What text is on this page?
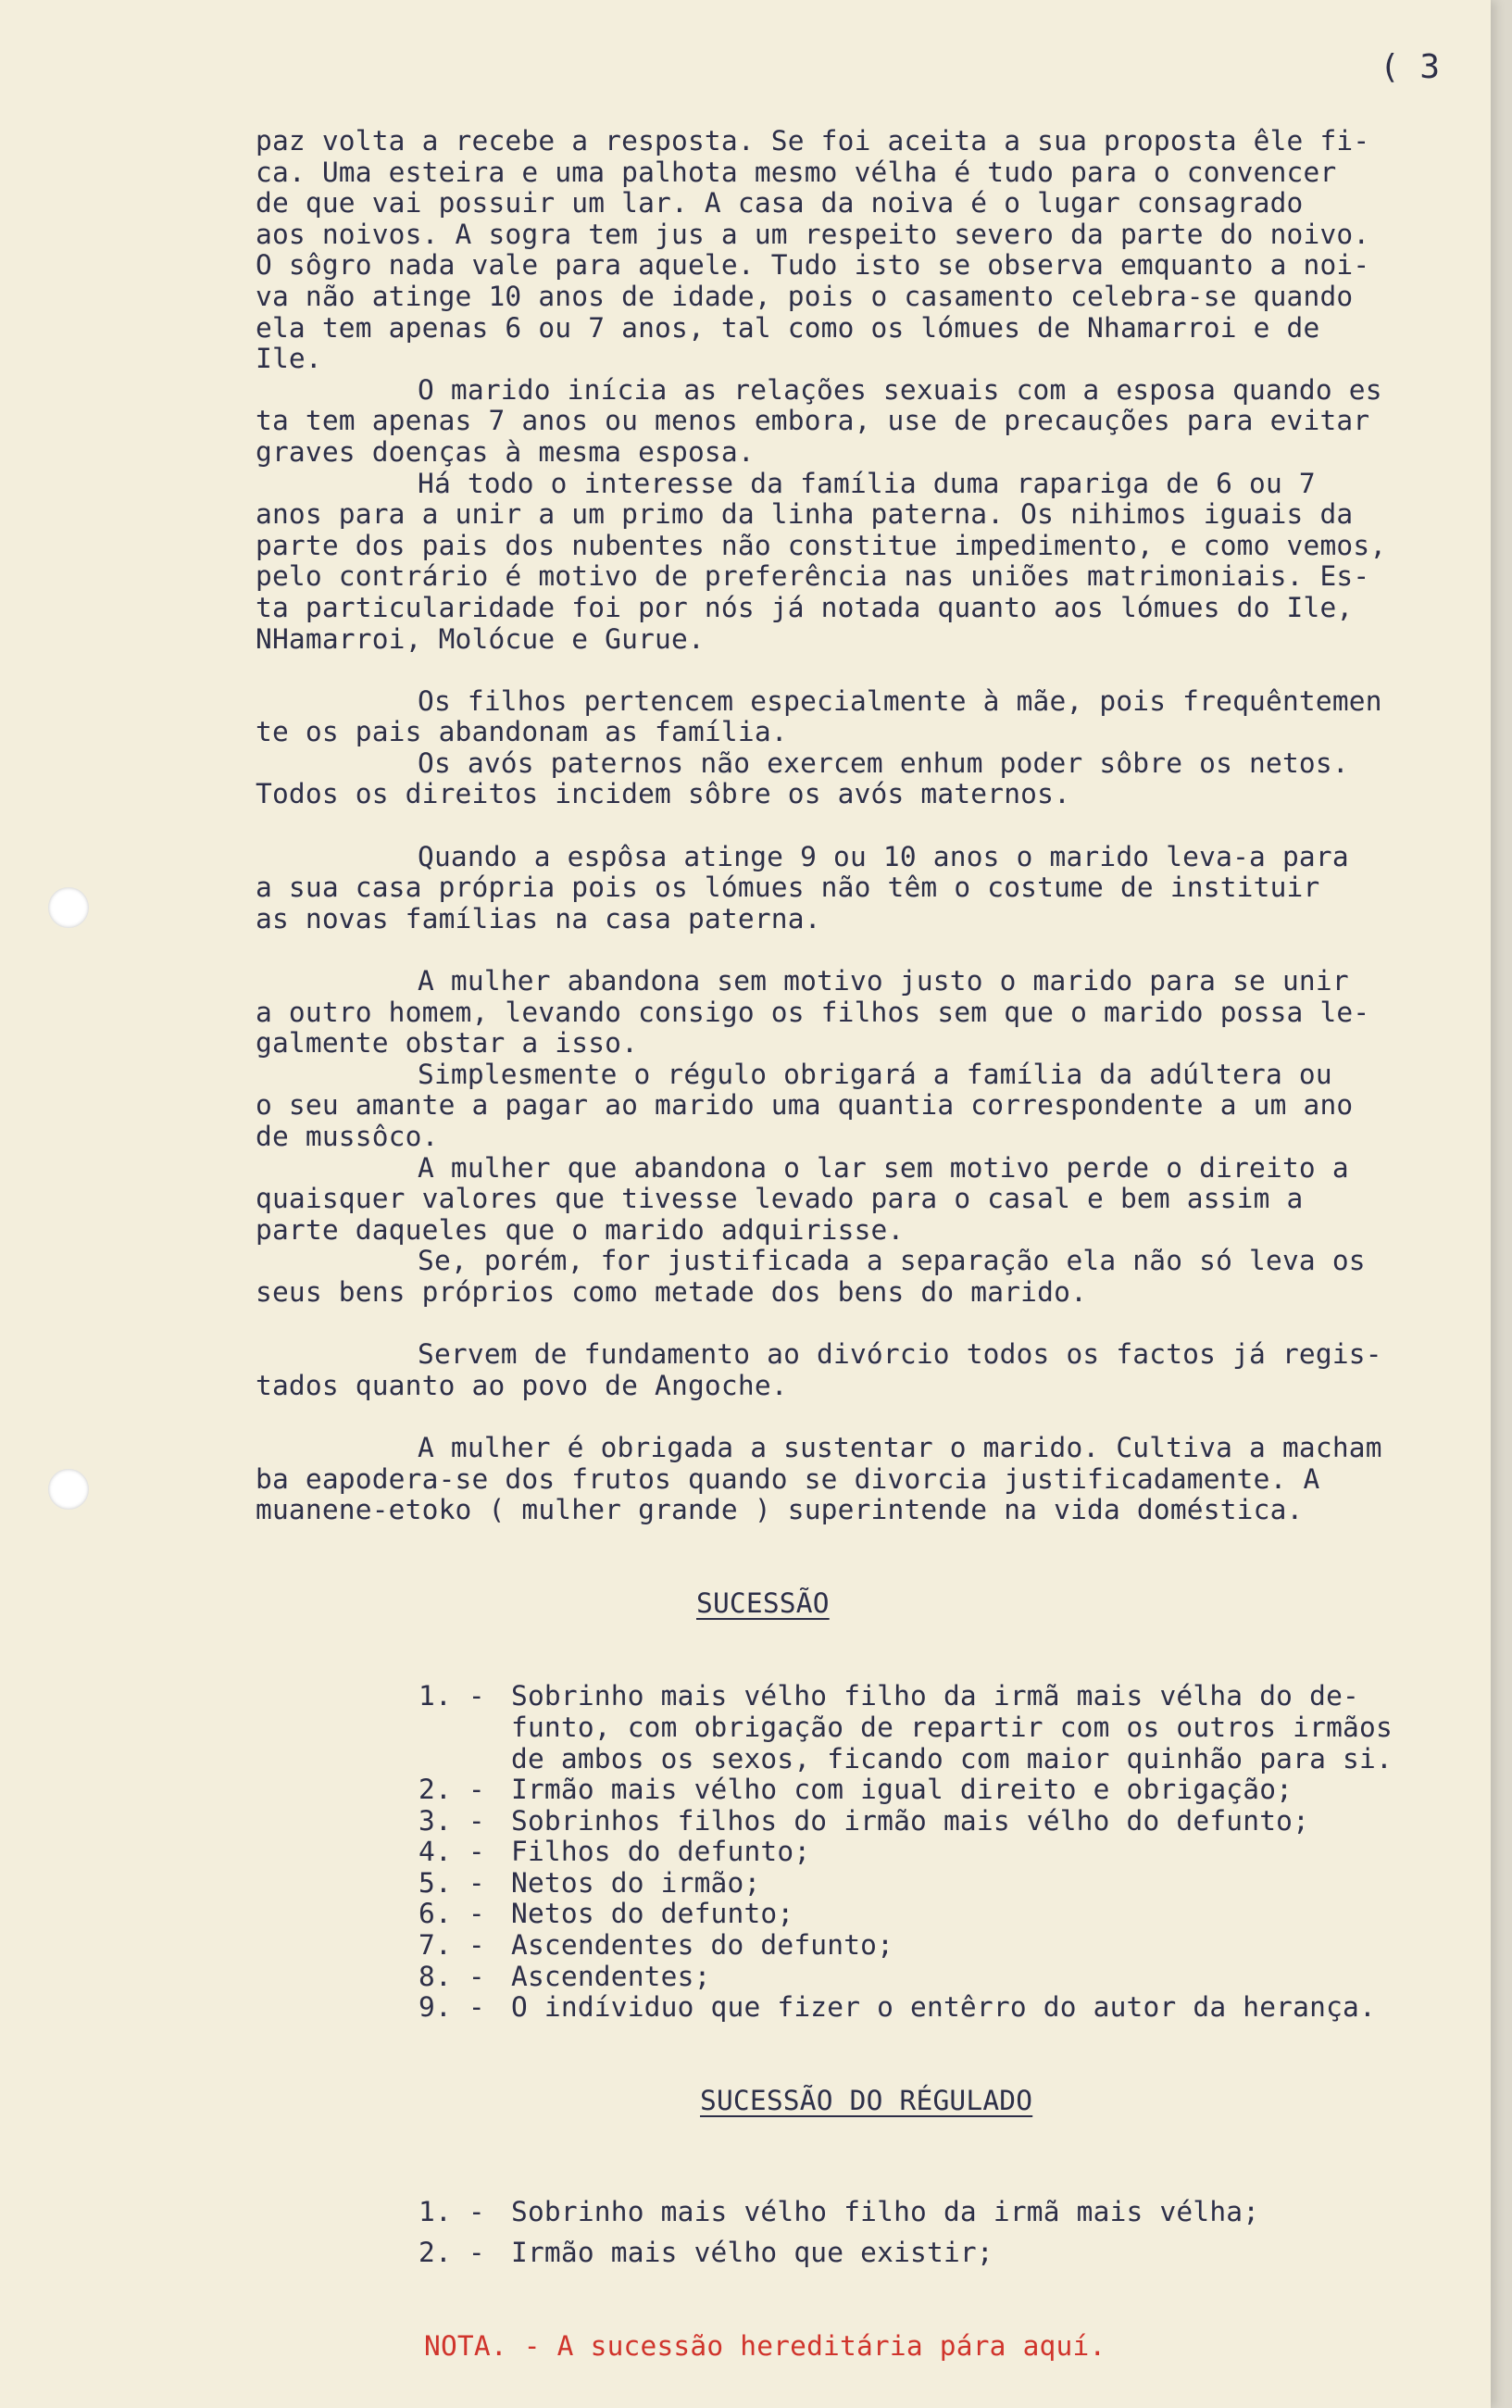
( 3
paz volta a recebe a resposta. Se foi aceita a sua proposta êle fi-
ca. Uma esteira e uma palhota mesmo vélha é tudo para o convencer
de que vai possuir um lar. A casa da noiva é o lugar consagrado
aos noivos. A sogra tem jus a um respeito severo da parte do noivo.
O sôgro nada vale para aquele. Tudo isto se observa emquanto a noi-
va não atinge 10 anos de idade, pois o casamento celebra-se quando
ela tem apenas 6 ou 7 anos, tal como os lómues de Nhamarroi e de
Ile.
O marido inícia as relações sexuais com a esposa quando es
ta tem apenas 7 anos ou menos embora, use de precauções para evitar
graves doenças à mesma esposa.
Há todo o interesse da família duma rapariga de 6 ou 7
anos para a unir a um primo da linha paterna. Os nihimos iguais da
parte dos pais dos nubentes não constitue impedimento, e como vemos,
pelo contrário é motivo de preferência nas uniões matrimoniais. Es-
ta particularidade foi por nós já notada quanto aos lómues do Ile,
NHamarroi, Molócue e Gurue.
Os filhos pertencem especialmente à mãe, pois frequêntemen
te os pais abandonam as família.
Os avós paternos não exercem enhum poder sôbre os netos.
Todos os direitos incidem sôbre os avós maternos.
Quando a espôsa atinge 9 ou 10 anos o marido leva-a para
a sua casa própria pois os lómues não têm o costume de instituir
as novas famílias na casa paterna.
A mulher abandona sem motivo justo o marido para se unir
a outro homem, levando consigo os filhos sem que o marido possa le-
galmente obstar a isso.
Simplesmente o régulo obrigará a família da adúltera ou
o seu amante a pagar ao marido uma quantia correspondente a um ano
de mussôco.
A mulher que abandona o lar sem motivo perde o direito a
quaisquer valores que tivesse levado para o casal e bem assim a
parte daqueles que o marido adquirisse.
Se, porém, for justificada a separação ela não só leva os
seus bens próprios como metade dos bens do marido.
Servem de fundamento ao divórcio todos os factos já regis-
tados quanto ao povo de Angoche.
A mulher é obrigada a sustentar o marido. Cultiva a macham
ba eapodera-se dos frutos quando se divorcia justificadamente. A
muanene-etoko ( mulher grande ) superintende na vida doméstica.
SUCESSÃO
1. - Sobrinho mais vélho filho da irmã mais vélha do de-
funto, com obrigação de repartir com os outros irmãos
de ambos os sexos, ficando com maior quinhão para si.
2. - Irmão mais vélho com igual direito e obrigação;
3. - Sobrinhos filhos do irmão mais vélho do defunto;
4. - Filhos do defunto;
5. - Netos do irmão;
6. - Netos do defunto;
7. - Ascendentes do defunto;
8. - Ascendentes;
9. - O indíviduo que fizer o entêrro do autor da herança.
SUCESSÃO DO RÉGULADO
1. - Sobrinho mais vélho filho da irmã mais vélha;
2. - Irmão mais vélho que existir;
NOTA. - A sucessão hereditária pára aquí.
